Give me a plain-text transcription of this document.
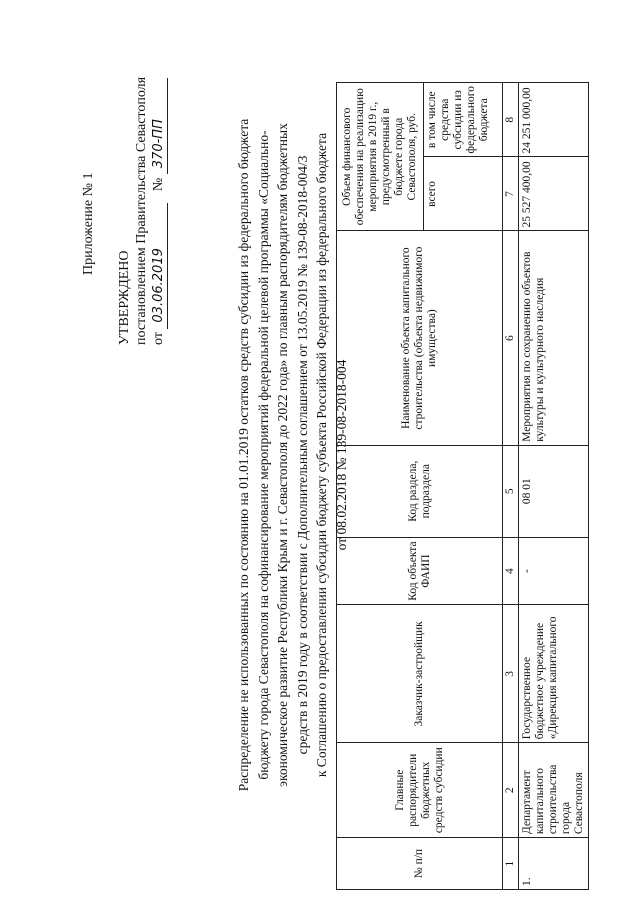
Приложение № 1
УТВЕРЖДЕНО постановлением Правительства Севастополя от 03.06.2019 № 370-ПП	Распределение не использованных по состоянию на 01.01.2019 остатков средств субсидии из федерального бюджета бюджету города Севастополя на софинансирование мероприятий федеральной целевой программы «Социально- экономическое развитие Республики Крым и г. Севастополя до 2022 года» по главным распорядителям бюджетных средств в 2019 году в соответствии с Дополнительным соглашением от 13.05.2019 № 139-08-2018-004/3 к Соглашению о предоставлении субсидии бюджету субъекта Российской Федерации из федерального бюджета от 08.02.2018 № 139-08-2018-004
№ п/п	Главные распорядители бюджетных средств субсидии	Заказчик-застройщик	Код объекта ФАИП	Код раздела, подраздела	Наименование объекта капитального строительства (объекта недвижимого имущества)	Объем финансового обеспечения на реализацию мероприятия в 2019 г., предусмотренный в бюджете города Севастополя, руб.	
						всего	в том числе средства субсидии из федерального бюджета
1	2	3	4	5	6	7	8
1.	Департамент капитального строительства города Севастополя	Государственное бюджетное учреждение «Дирекция капитального	-	08 01	Мероприятия по сохранению объектов культуры и культурного наследия	25 527 400,00	24 251 000,00
